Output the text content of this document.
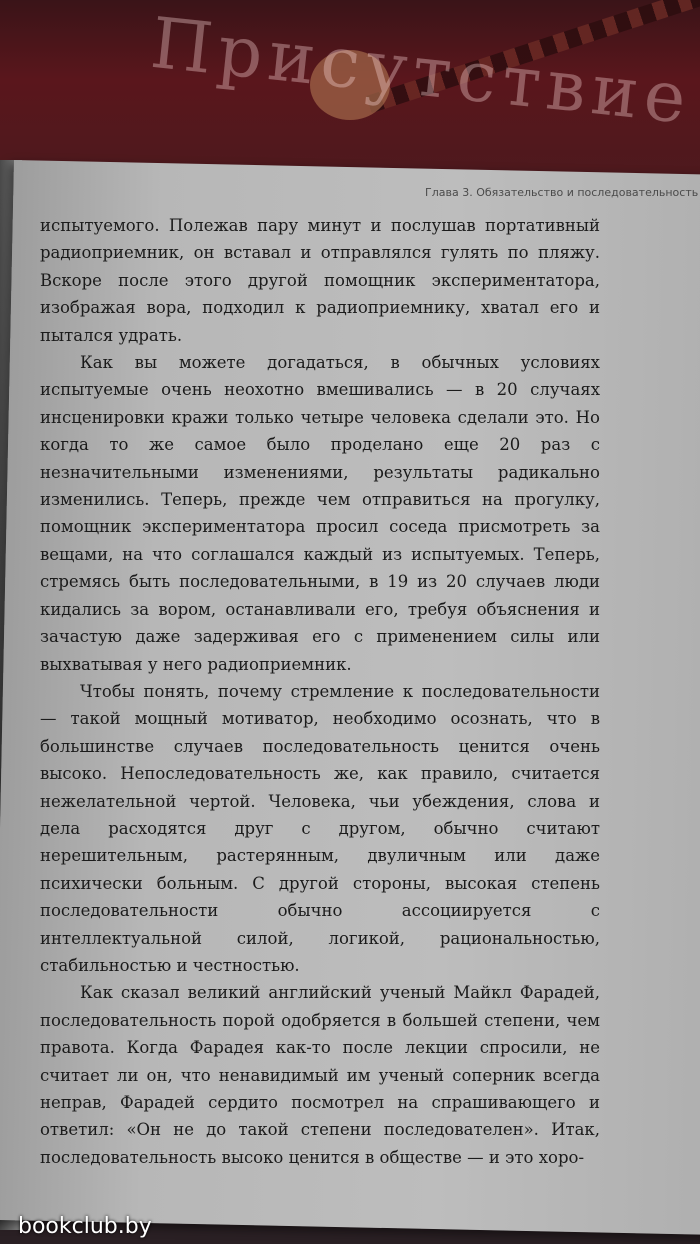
Присутствие
Глава 3. Обязательство и последовательность

испытуемого. Полежав пару минут и послушав портативный радиоприемник, он вставал и отправлялся гулять по пляжу. Вскоре после этого другой помощник экспериментатора, изображая вора, подходил к радиоприемнику, хватал его и пытался удрать.

Как вы можете догадаться, в обычных условиях испытуемые очень неохотно вмешивались — в 20 случаях инсценировки кражи только четыре человека сделали это. Но когда то же самое было проделано еще 20 раз с незначительными изменениями, результаты радикально изменились. Теперь, прежде чем отправиться на прогулку, помощник экспериментатора просил соседа присмотреть за вещами, на что соглашался каждый из испытуемых. Теперь, стремясь быть последовательными, в 19 из 20 случаев люди кидались за вором, останавливали его, требуя объяснения и зачастую даже задерживая его с применением силы или выхватывая у него радиоприемник.

Чтобы понять, почему стремление к последовательности — такой мощный мотиватор, необходимо осознать, что в большинстве случаев последовательность ценится очень высоко. Непоследовательность же, как правило, считается нежелательной чертой. Человека, чьи убеждения, слова и дела расходятся друг с другом, обычно считают нерешительным, растерянным, двуличным или даже психически больным. С другой стороны, высокая степень последовательности обычно ассоциируется с интеллектуальной силой, логикой, рациональностью, стабильностью и честностью.

Как сказал великий английский ученый Майкл Фарадей, последовательность порой одобряется в большей степени, чем правота. Когда Фарадея как-то после лекции спросили, не считает ли он, что ненавидимый им ученый соперник всегда неправ, Фарадей сердито посмотрел на спрашивающего и ответил: «Он не до такой степени последователен». Итак, последовательность высоко ценится в обществе — и это хоро-

bookclub.by
